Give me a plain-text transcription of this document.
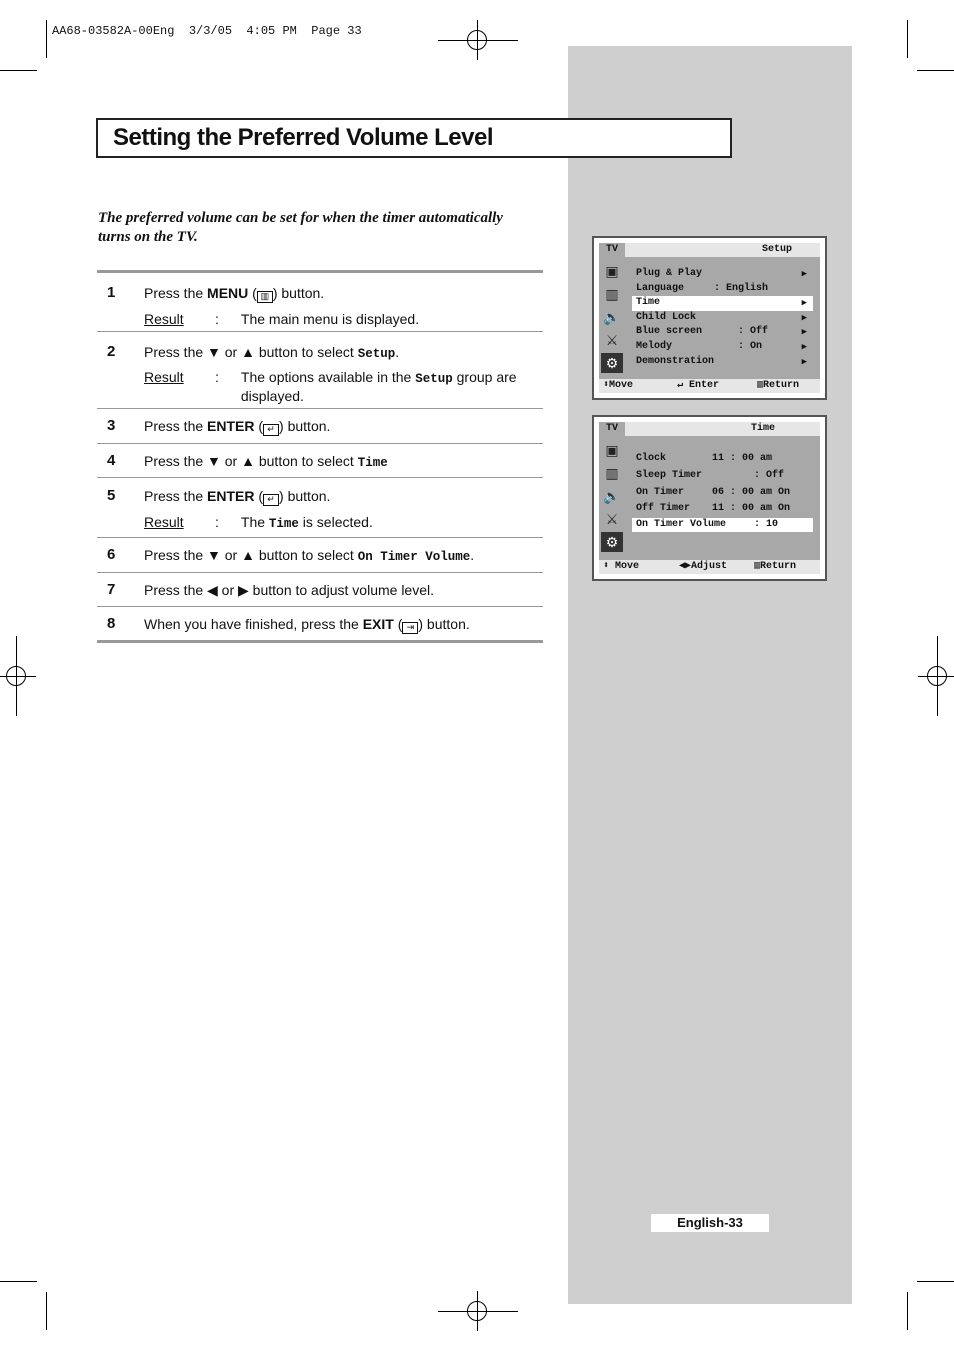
AA68-03582A-00Eng  3/3/05  4:05 PM  Page 33
Setting the Preferred Volume Level
The preferred volume can be set for when the timer automatically turns on the TV.
1 Press the MENU ( ▥ ) button.
Result	: The main menu is displayed.
2 Press the ▼ or ▲ button to select Setup.
Result	: The options available in the Setup group are displayed.
3 Press the ENTER ( ↵ ) button.
4 Press the ▼ or ▲ button to select Time
5 Press the ENTER ( ↵ ) button.
Result	: The Time is selected.
6 Press the ▼ or ▲ button to select On Timer Volume.
7 Press the ◀ or ▶ button to adjust volume level.
8 When you have finished, press the EXIT ( ⇥ ) button.
TV	Setup
▣
▥
🔈
⚔
⚙
Plug & Play	▶
Language	: English
Time	▶
Child Lock	▶
Blue screen	: Off	▶
Melody	: On	▶
Demonstration	▶
⬍ Move	↵ Enter	▥ Return
TV	Time
▣
▥
🔈
⚔
⚙
Clock	11 : 00 am
Sleep Timer	: Off
On Timer	06 : 00 am On
Off Timer 11 : 00 am On
On Timer Volume	: 10
⬍ Move	◀▶ Adjust	▥ Return
English-33
